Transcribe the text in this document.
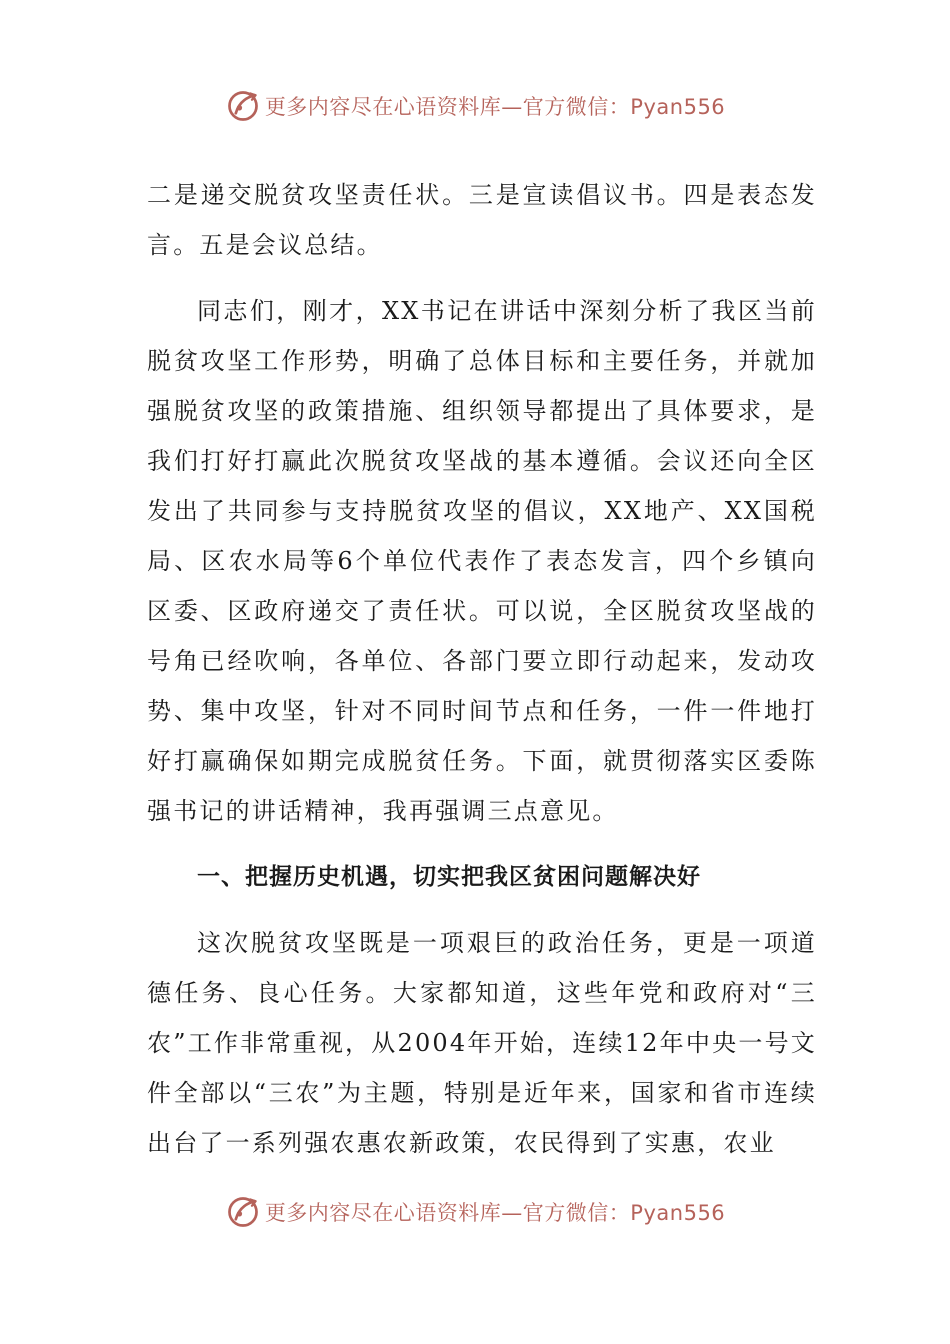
更多内容尽在心语资料库—官方微信：Pyan556

二是递交脱贫攻坚责任状。三是宣读倡议书。四是表态发言。五是会议总结。

同志们，刚才，XX书记在讲话中深刻分析了我区当前脱贫攻坚工作形势，明确了总体目标和主要任务，并就加强脱贫攻坚的政策措施、组织领导都提出了具体要求，是我们打好打赢此次脱贫攻坚战的基本遵循。会议还向全区发出了共同参与支持脱贫攻坚的倡议，XX地产、XX国税局、区农水局等6个单位代表作了表态发言，四个乡镇向区委、区政府递交了责任状。可以说，全区脱贫攻坚战的号角已经吹响，各单位、各部门要立即行动起来，发动攻势、集中攻坚，针对不同时间节点和任务，一件一件地打好打赢确保如期完成脱贫任务。下面，就贯彻落实区委陈强书记的讲话精神，我再强调三点意见。

一、把握历史机遇，切实把我区贫困问题解决好

这次脱贫攻坚既是一项艰巨的政治任务，更是一项道德任务、良心任务。大家都知道，这些年党和政府对“三农”工作非常重视，从2004年开始，连续12年中央一号文件全部以“三农”为主题，特别是近年来，国家和省市连续出台了一系列强农惠农新政策，农民得到了实惠，农业

更多内容尽在心语资料库—官方微信：Pyan556
